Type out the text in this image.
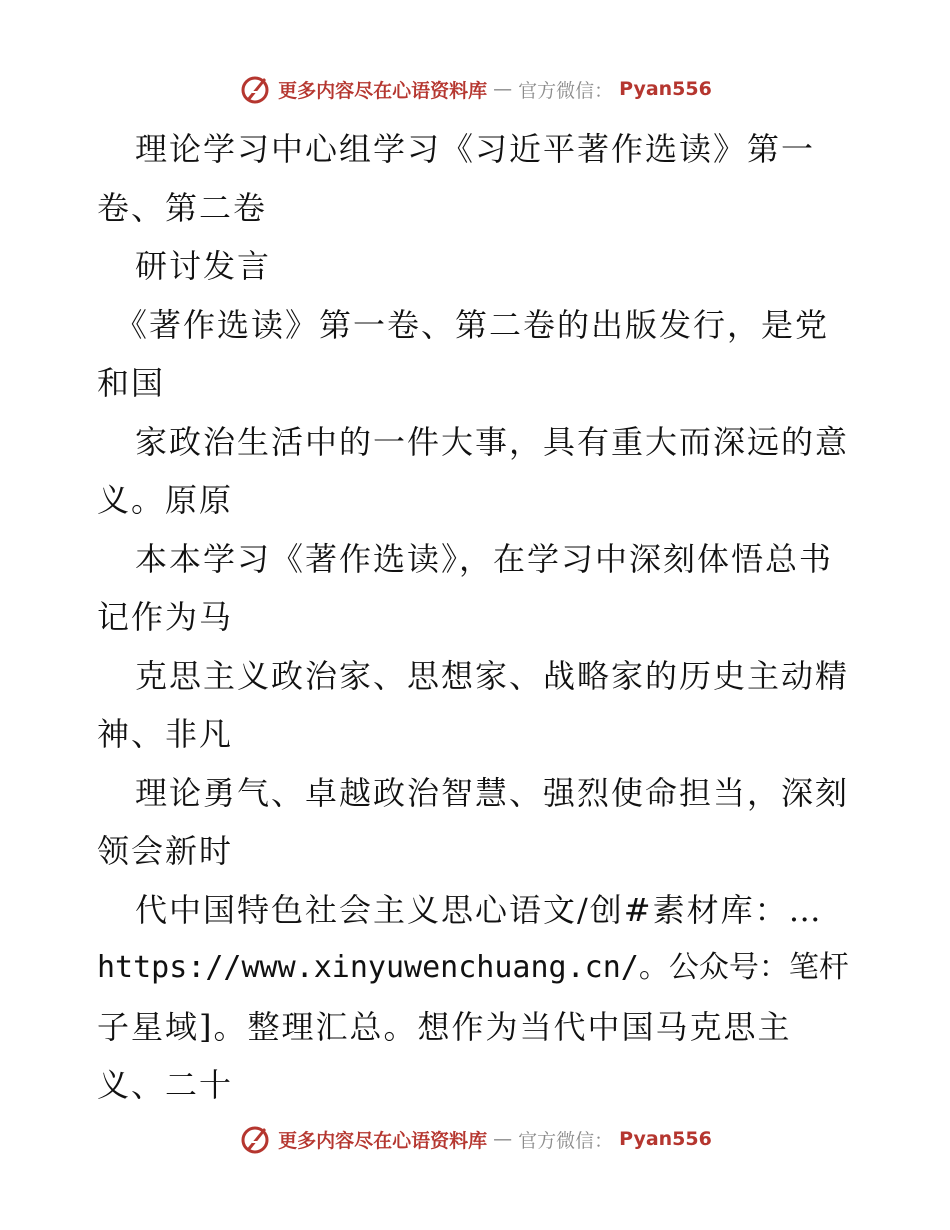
更多内容尽在心语资料库 — 官方微信： Pyan556
理论学习中心组学习《习近平著作选读》第一
卷、第二卷
研讨发言
《著作选读》第一卷、第二卷的出版发行，是党
和国
家政治生活中的一件大事，具有重大而深远的意
义。原原
本本学习《著作选读》，在学习中深刻体悟总书
记作为马
克思主义政治家、思想家、战略家的历史主动精
神、非凡
理论勇气、卓越政治智慧、强烈使命担当，深刻
领会新时
代中国特色社会主义思心语文/创#素材库：…
https://www.xinyuwenchuang.cn/。公众号：笔杆
子星域]。整理汇总。想作为当代中国马克思主
义、二十
更多内容尽在心语资料库 — 官方微信： Pyan556
